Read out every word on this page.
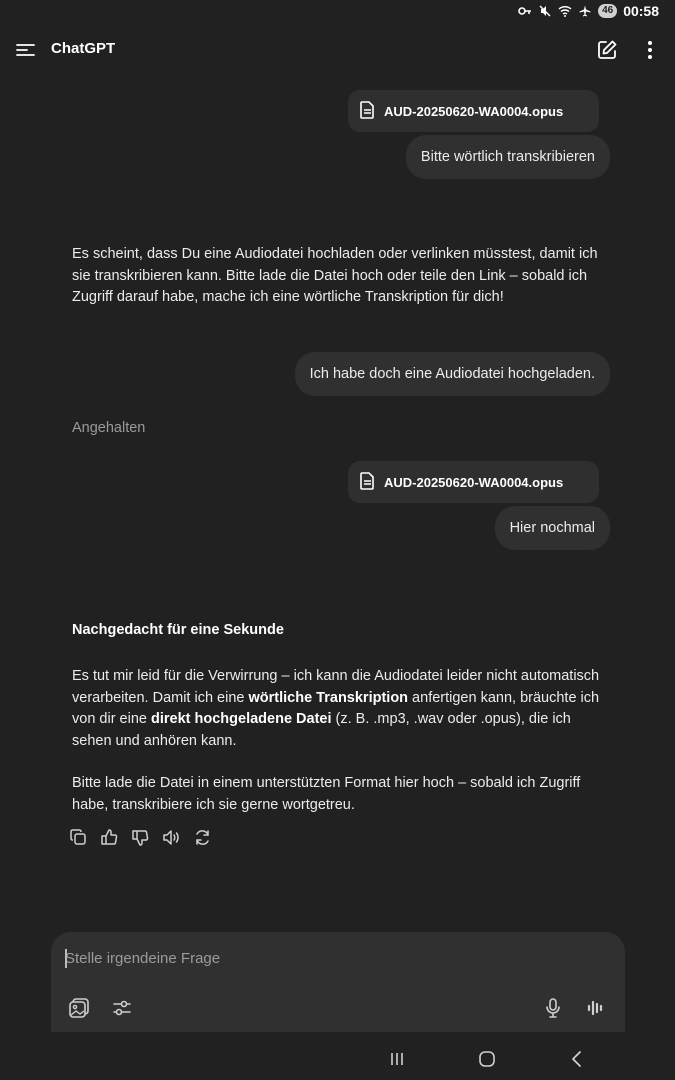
46 00:58
ChatGPT
AUD-20250620-WA0004.opus
Bitte wörtlich transkribieren
Es scheint, dass Du eine Audiodatei hochladen oder verlinken müsstest, damit ich sie transkribieren kann. Bitte lade die Datei hoch oder teile den Link – sobald ich Zugriff darauf habe, mache ich eine wörtliche Transkription für dich!
Ich habe doch eine Audiodatei hochgeladen.
Angehalten
AUD-20250620-WA0004.opus
Hier nochmal
Nachgedacht für eine Sekunde
Es tut mir leid für die Verwirrung – ich kann die Audiodatei leider nicht automatisch verarbeiten. Damit ich eine wörtliche Transkription anfertigen kann, bräuchte ich von dir eine direkt hochgeladene Datei (z. B. .mp3, .wav oder .opus), die ich sehen und anhören kann.
Bitte lade die Datei in einem unterstützten Format hier hoch – sobald ich Zugriff habe, transkribiere ich sie gerne wortgetreu.
Stelle irgendeine Frage
